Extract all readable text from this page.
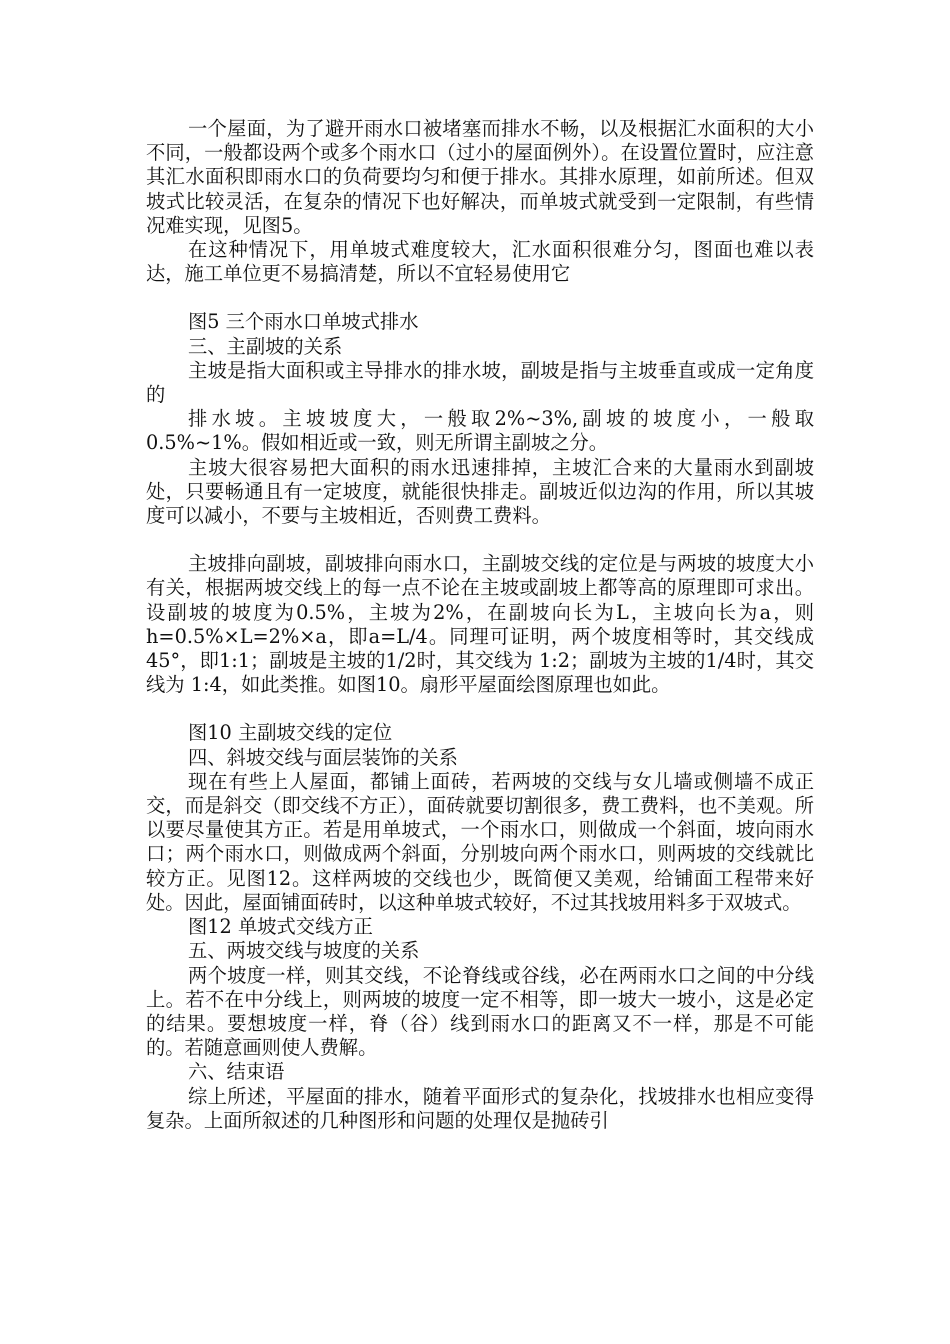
一个屋面，为了避开雨水口被堵塞而排水不畅，以及根据汇水面积的大小不同，一般都设两个或多个雨水口（过小的屋面例外）。在设置位置时，应注意其汇水面积即雨水口的负荷要均匀和便于排水。其排水原理，如前所述。但双坡式比较灵活，在复杂的情况下也好解决，而单坡式就受到一定限制，有些情况难实现，见图5。

在这种情况下，用单坡式难度较大，汇水面积很难分匀，图面也难以表达，施工单位更不易搞清楚，所以不宜轻易使用它

图5 三个雨水口单坡式排水

三、主副坡的关系

主坡是指大面积或主导排水的排水坡，副坡是指与主坡垂直或成一定角度的

排水坡。主坡坡度大，一般取2%~3%,副坡的坡度小，一般取0.5%~1%。假如相近或一致，则无所谓主副坡之分。

主坡大很容易把大面积的雨水迅速排掉，主坡汇合来的大量雨水到副坡处，只要畅通且有一定坡度，就能很快排走。副坡近似边沟的作用，所以其坡度可以减小，不要与主坡相近，否则费工费料。

主坡排向副坡，副坡排向雨水口，主副坡交线的定位是与两坡的坡度大小有关，根据两坡交线上的每一点不论在主坡或副坡上都等高的原理即可求出。设副坡的坡度为0.5%，主坡为2%，在副坡向长为L，主坡向长为a，则h=0.5%×L=2%×a，即a=L/4。同理可证明，两个坡度相等时，其交线成45°，即1:1；副坡是主坡的1/2时，其交线为 1:2；副坡为主坡的1/4时，其交线为 1:4，如此类推。如图10。扇形平屋面绘图原理也如此。

图10 主副坡交线的定位

四、斜坡交线与面层装饰的关系

现在有些上人屋面，都铺上面砖，若两坡的交线与女儿墙或侧墙不成正交，而是斜交（即交线不方正），面砖就要切割很多，费工费料，也不美观。所以要尽量使其方正。若是用单坡式，一个雨水口，则做成一个斜面，坡向雨水口；两个雨水口，则做成两个斜面，分别坡向两个雨水口，则两坡的交线就比较方正。见图12。这样两坡的交线也少，既简便又美观，给铺面工程带来好处。因此，屋面铺面砖时，以这种单坡式较好，不过其找坡用料多于双坡式。

图12 单坡式交线方正

五、两坡交线与坡度的关系

两个坡度一样，则其交线，不论脊线或谷线，必在两雨水口之间的中分线上。若不在中分线上，则两坡的坡度一定不相等，即一坡大一坡小，这是必定的结果。要想坡度一样，脊（谷）线到雨水口的距离又不一样，那是不可能的。若随意画则使人费解。

六、结束语

综上所述，平屋面的排水，随着平面形式的复杂化，找坡排水也相应变得复杂。上面所叙述的几种图形和问题的处理仅是抛砖引
